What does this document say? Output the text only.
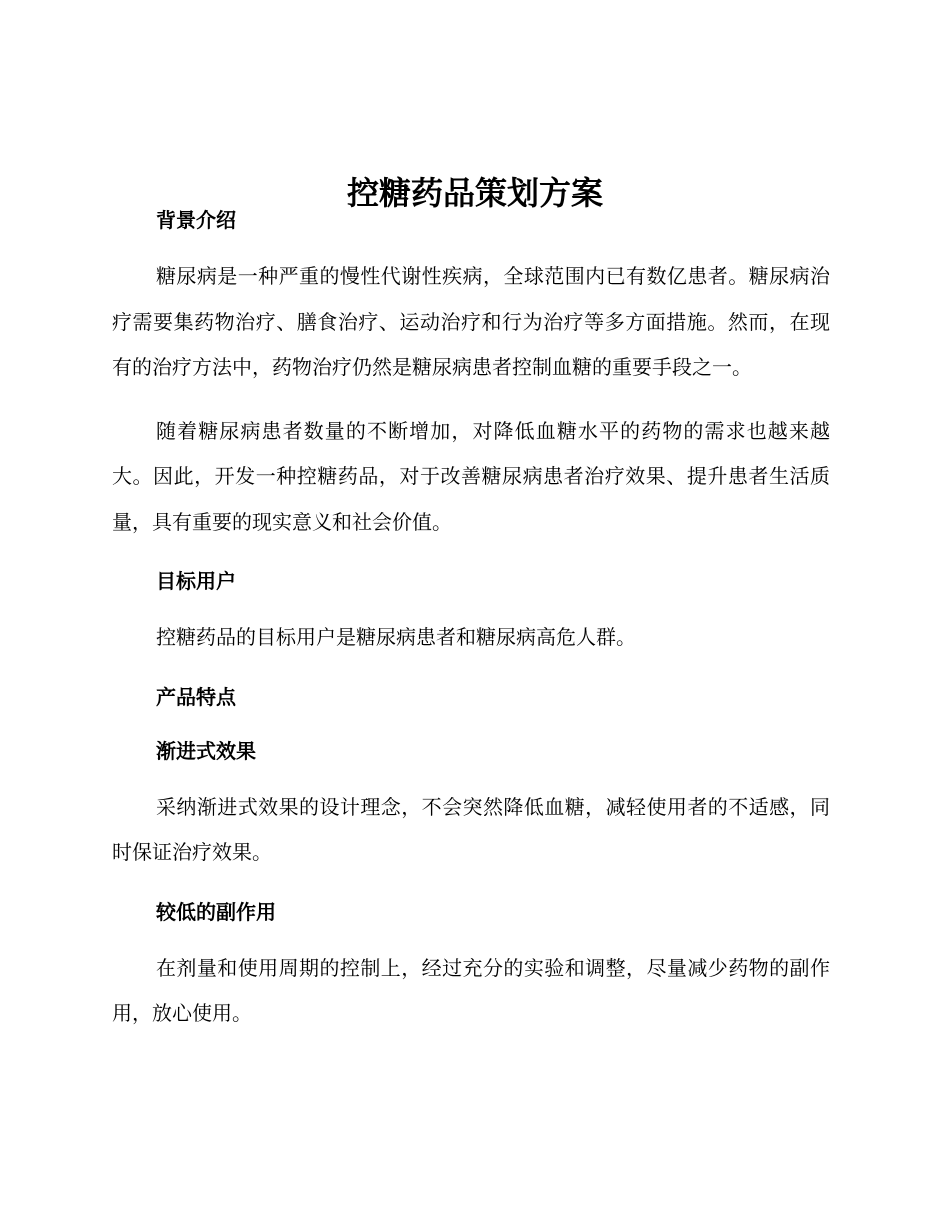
控糖药品策划方案
背景介绍

糖尿病是一种严重的慢性代谢性疾病，全球范围内已有数亿患者。糖尿病治疗需要集药物治疗、膳食治疗、运动治疗和行为治疗等多方面措施。然而，在现有的治疗方法中，药物治疗仍然是糖尿病患者控制血糖的重要手段之一。

随着糖尿病患者数量的不断增加，对降低血糖水平的药物的需求也越来越大。因此，开发一种控糖药品，对于改善糖尿病患者治疗效果、提升患者生活质量，具有重要的现实意义和社会价值。

目标用户

控糖药品的目标用户是糖尿病患者和糖尿病高危人群。

产品特点
渐进式效果

采纳渐进式效果的设计理念，不会突然降低血糖，减轻使用者的不适感，同时保证治疗效果。

较低的副作用

在剂量和使用周期的控制上，经过充分的实验和调整，尽量减少药物的副作用，放心使用。
